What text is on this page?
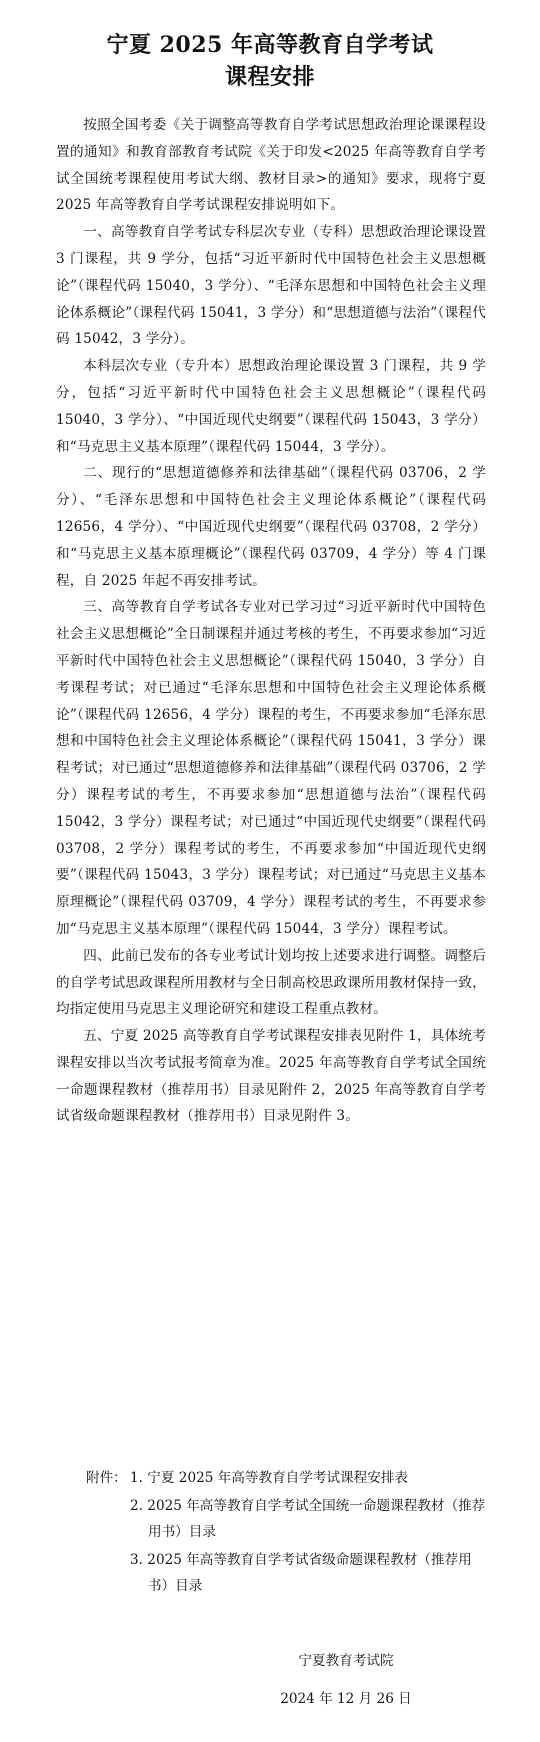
宁夏 2025 年高等教育自学考试
课程安排

按照全国考委《关于调整高等教育自学考试思想政治理论课课程设置的通知》和教育部教育考试院《关于印发<2025 年高等教育自学考试全国统考课程使用考试大纲、教材目录>的通知》要求，现将宁夏 2025 年高等教育自学考试课程安排说明如下。

一、高等教育自学考试专科层次专业（专科）思想政治理论课设置 3 门课程，共 9 学分，包括“习近平新时代中国特色社会主义思想概论”（课程代码 15040，3 学分）、“毛泽东思想和中国特色社会主义理论体系概论”（课程代码 15041，3 学分）和“思想道德与法治”（课程代码 15042，3 学分）。

本科层次专业（专升本）思想政治理论课设置 3 门课程，共 9 学分，包括“习近平新时代中国特色社会主义思想概论”（课程代码 15040，3 学分）、“中国近现代史纲要”（课程代码 15043，3 学分）和“马克思主义基本原理”（课程代码 15044，3 学分）。

二、现行的“思想道德修养和法律基础”（课程代码 03706，2 学分）、“毛泽东思想和中国特色社会主义理论体系概论”（课程代码 12656，4 学分）、“中国近现代史纲要”（课程代码 03708，2 学分）和“马克思主义基本原理概论”（课程代码 03709，4 学分）等 4 门课程，自 2025 年起不再安排考试。

三、高等教育自学考试各专业对已学习过“习近平新时代中国特色社会主义思想概论”全日制课程并通过考核的考生，不再要求参加“习近平新时代中国特色社会主义思想概论”（课程代码 15040，3 学分）自考课程考试；对已通过“毛泽东思想和中国特色社会主义理论体系概论”（课程代码 12656，4 学分）课程的考生，不再要求参加“毛泽东思想和中国特色社会主义理论体系概论”（课程代码 15041，3 学分）课程考试；对已通过“思想道德修养和法律基础”（课程代码 03706，2 学分）课程考试的考生，不再要求参加“思想道德与法治”（课程代码 15042，3 学分）课程考试；对已通过“中国近现代史纲要”（课程代码 03708，2 学分）课程考试的考生，不再要求参加“中国近现代史纲要”（课程代码 15043，3 学分）课程考试；对已通过“马克思主义基本原理概论”（课程代码 03709，4 学分）课程考试的考生，不再要求参加“马克思主义基本原理”（课程代码 15044，3 学分）课程考试。

四、此前已发布的各专业考试计划均按上述要求进行调整。调整后的自学考试思政课程所用教材与全日制高校思政课所用教材保持一致，均指定使用马克思主义理论研究和建设工程重点教材。

五、宁夏 2025 高等教育自学考试课程安排表见附件 1，具体统考课程安排以当次考试报考简章为准。2025 年高等教育自学考试全国统一命题课程教材（推荐用书）目录见附件 2，2025 年高等教育自学考试省级命题课程教材（推荐用书）目录见附件 3。

附件： 1. 宁夏 2025 年高等教育自学考试课程安排表
2. 2025 年高等教育自学考试全国统一命题课程教材（推荐用书）目录
3. 2025 年高等教育自学考试省级命题课程教材（推荐用书）目录
宁夏教育考试院
2024 年 12 月 26 日
